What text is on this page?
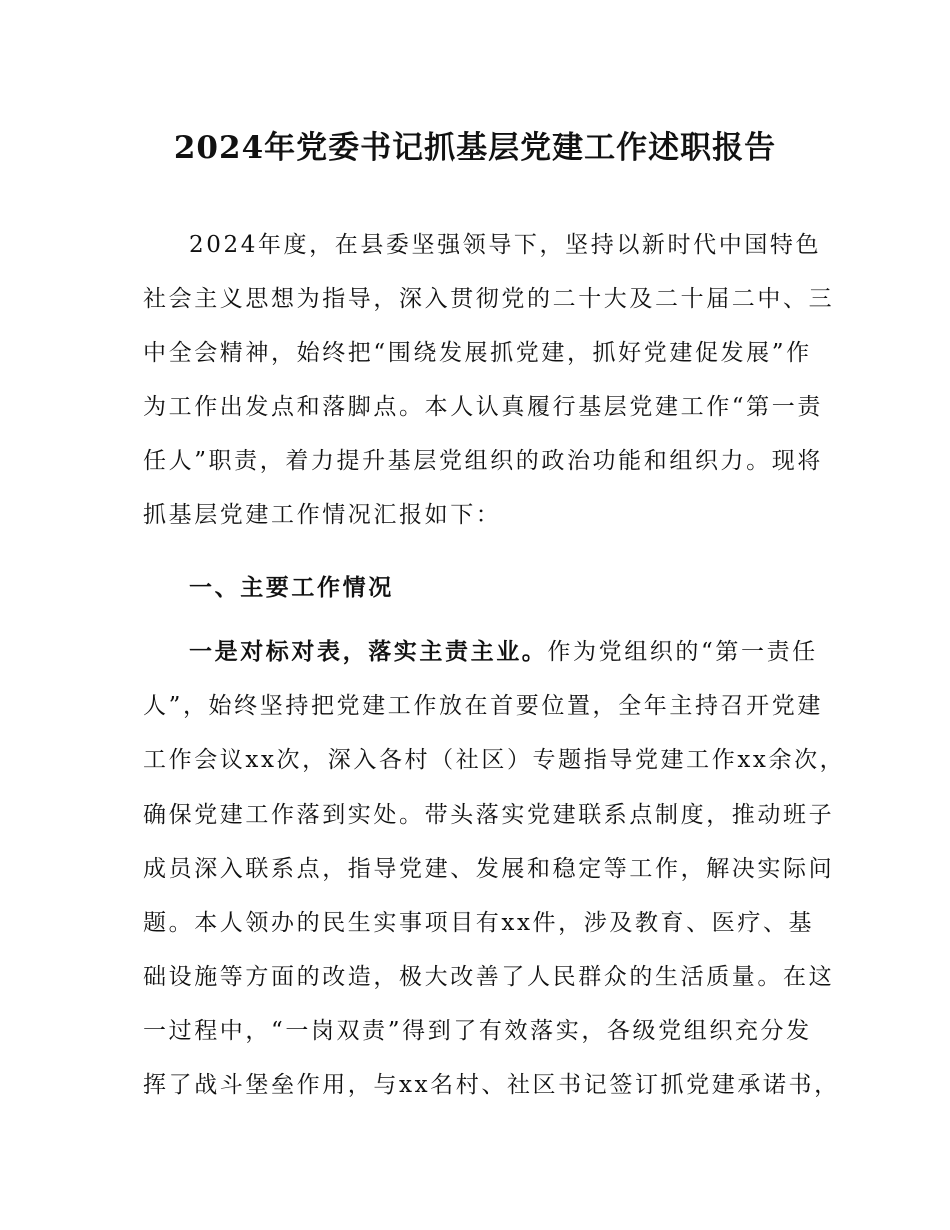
2024年党委书记抓基层党建工作述职报告
2024年度，在县委坚强领导下，坚持以新时代中国特色
社会主义思想为指导，深入贯彻党的二十大及二十届二中、三
中全会精神，始终把“围绕发展抓党建，抓好党建促发展”作
为工作出发点和落脚点。本人认真履行基层党建工作“第一责
任人”职责，着力提升基层党组织的政治功能和组织力。现将
抓基层党建工作情况汇报如下：
一、主要工作情况
一是对标对表，落实主责主业。作为党组织的“第一责任
人”，始终坚持把党建工作放在首要位置，全年主持召开党建
工作会议xx次，深入各村（社区）专题指导党建工作xx余次，
确保党建工作落到实处。带头落实党建联系点制度，推动班子
成员深入联系点，指导党建、发展和稳定等工作，解决实际问
题。本人领办的民生实事项目有xx件，涉及教育、医疗、基
础设施等方面的改造，极大改善了人民群众的生活质量。在这
一过程中，“一岗双责”得到了有效落实，各级党组织充分发
挥了战斗堡垒作用，与xx名村、社区书记签订抓党建承诺书，
